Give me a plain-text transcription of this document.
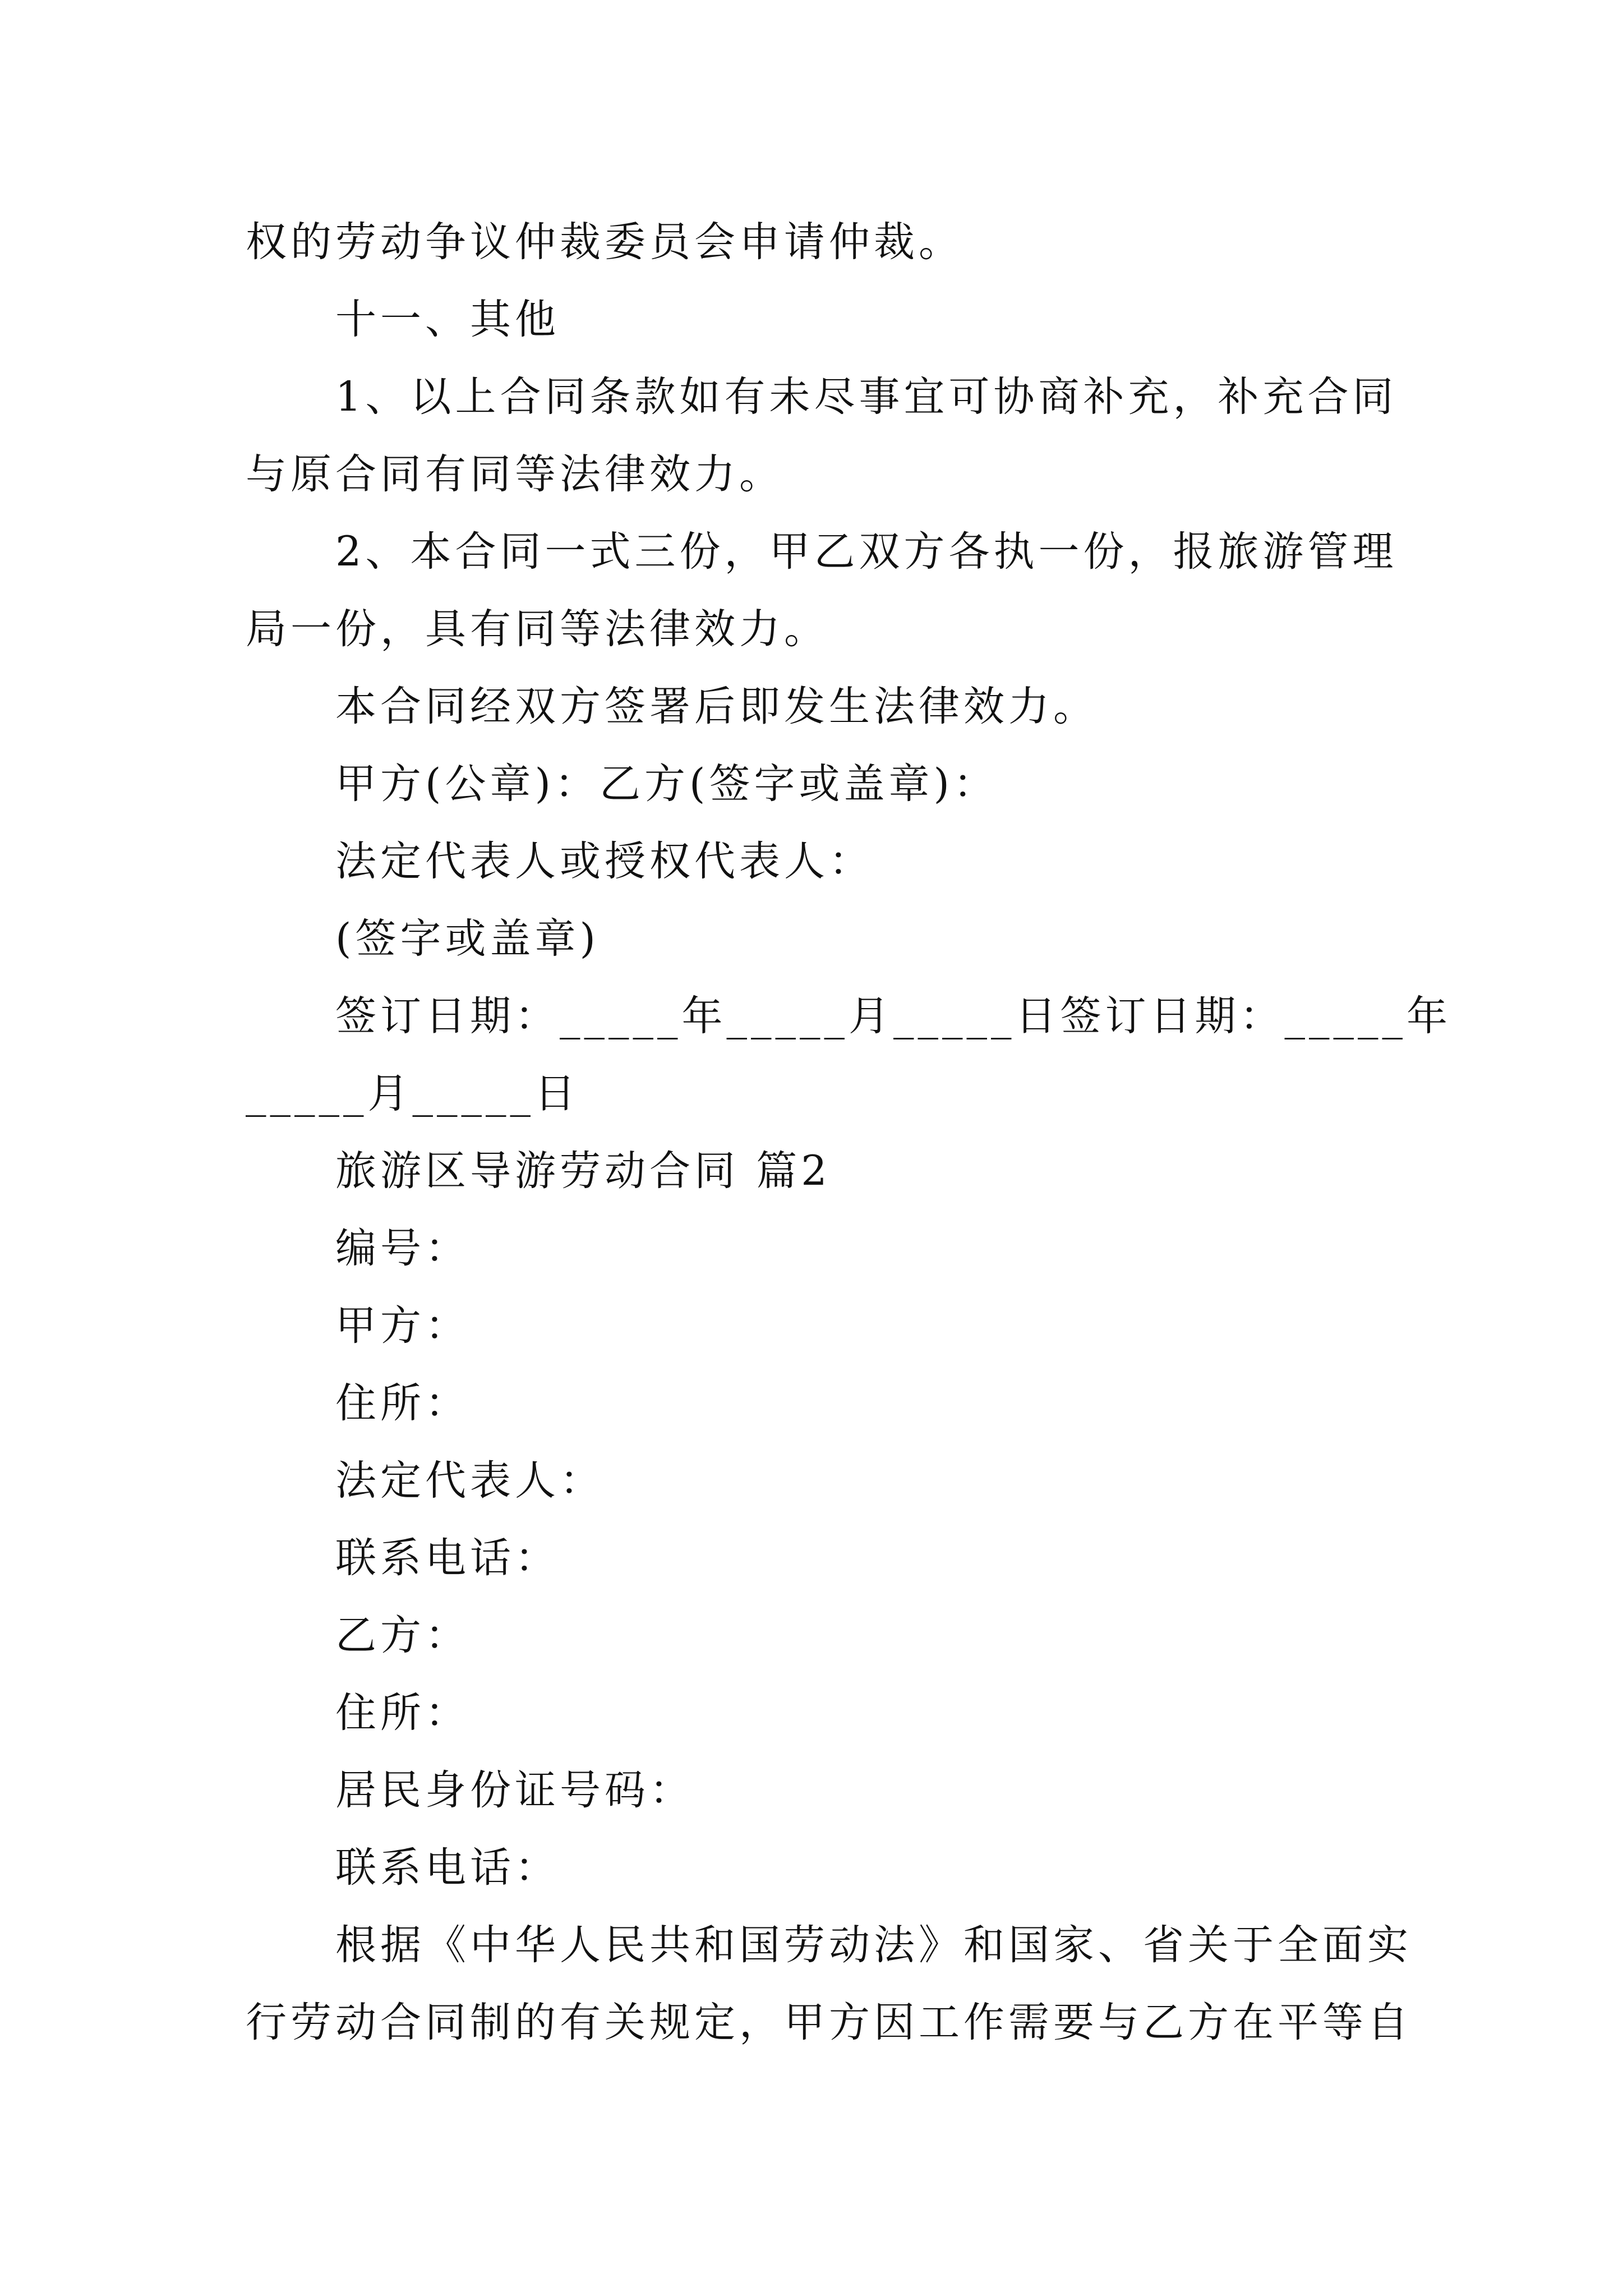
权的劳动争议仲裁委员会申请仲裁。
十一、其他
1、以上合同条款如有未尽事宜可协商补充，补充合同
与原合同有同等法律效力。
2、本合同一式三份，甲乙双方各执一份，报旅游管理
局一份，具有同等法律效力。
本合同经双方签署后即发生法律效力。
甲方(公章)：乙方(签字或盖章)：
法定代表人或授权代表人：
(签字或盖章)
签订日期：_____年_____月_____日签订日期：_____年
_____月_____日
旅游区导游劳动合同 篇2
编号：
甲方：
住所：
法定代表人：
联系电话：
乙方：
住所：
居民身份证号码：
联系电话：
根据《中华人民共和国劳动法》和国家、省关于全面实
行劳动合同制的有关规定，甲方因工作需要与乙方在平等自
